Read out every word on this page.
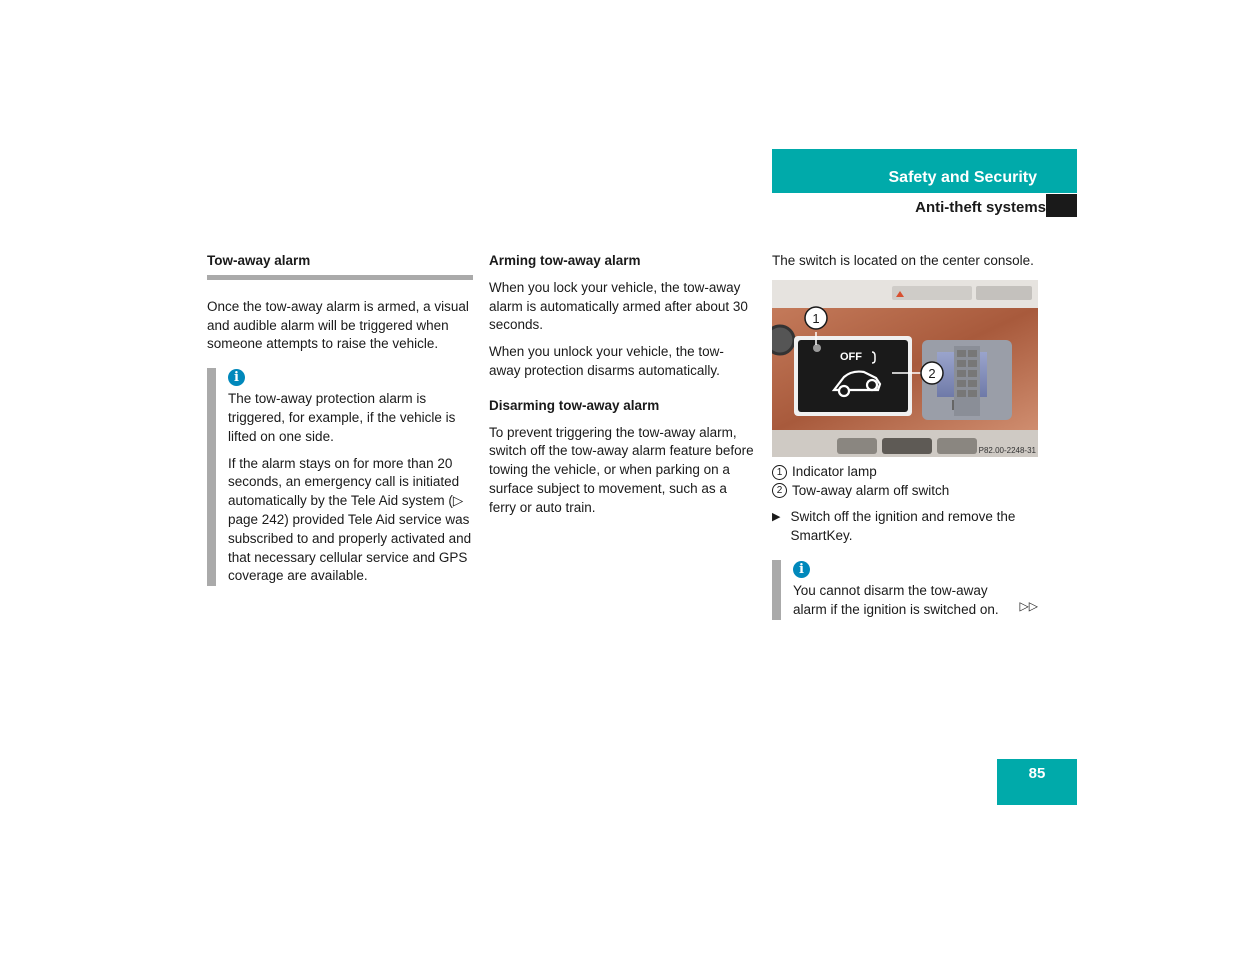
Safety and Security
Anti-theft systems
Tow-away alarm

Once the tow-away alarm is armed, a visual and audible alarm will be triggered when someone attempts to raise the vehicle.

i

The tow-away protection alarm is triggered, for example, if the vehicle is lifted on one side.

If the alarm stays on for more than 20 seconds, an emergency call is initiated automatically by the Tele Aid system (▷ page 242) provided Tele Aid service was subscribed to and properly activated and that necessary cellular service and GPS coverage are available.

Arming tow-away alarm

When you lock your vehicle, the tow-away alarm is automatically armed after about 30 seconds.

When you unlock your vehicle, the tow-away protection disarms automatically.

Disarming tow-away alarm

To prevent triggering the tow-away alarm, switch off the tow-away alarm feature before towing the vehicle, or when parking on a surface subject to movement, such as a ferry or auto train.

The switch is located on the center console.

OFF
1
2
P82.00-2248-31
1 Indicator lamp
2 Tow-away alarm off switch
▶ Switch off the ignition and remove the SmartKey.
i

You cannot disarm the tow-away alarm if the ignition is switched on.	▷▷
85
